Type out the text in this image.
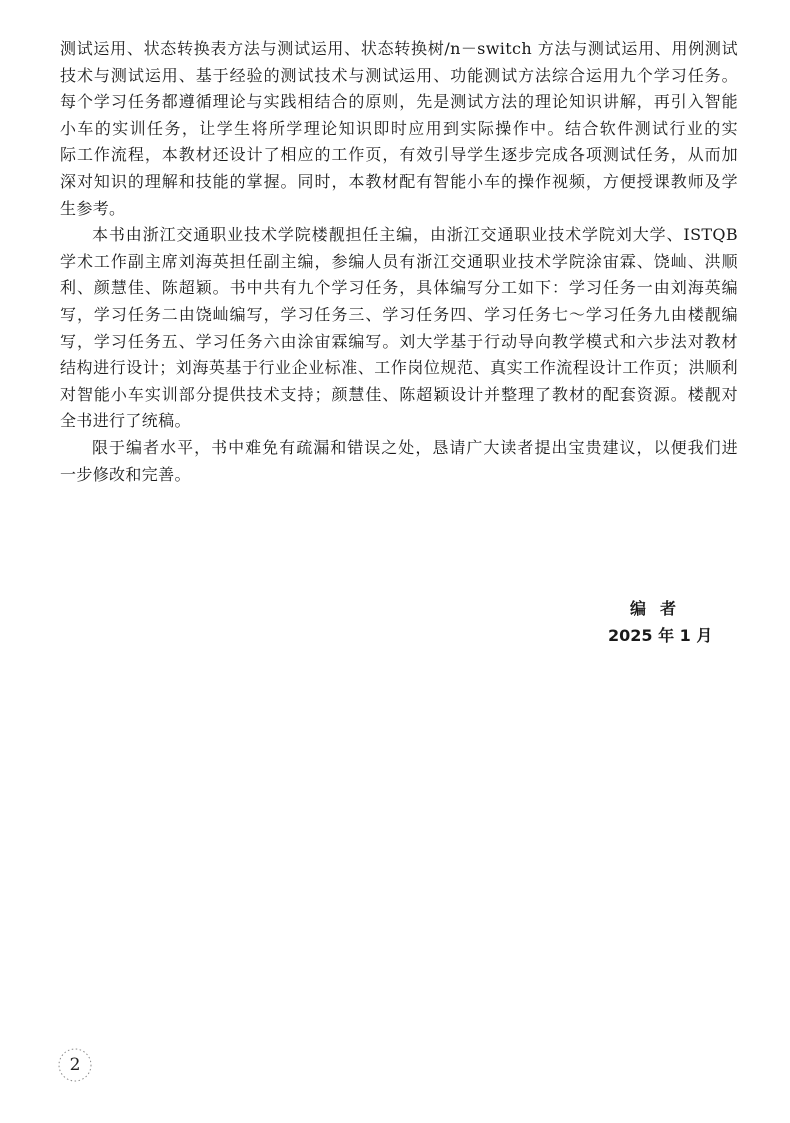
测试运用、状态转换表方法与测试运用、状态转换树/n－switch 方法与测试运用、用例测试
技术与测试运用、基于经验的测试技术与测试运用、功能测试方法综合运用九个学习任务。
每个学习任务都遵循理论与实践相结合的原则，先是测试方法的理论知识讲解，再引入智能
小车的实训任务，让学生将所学理论知识即时应用到实际操作中。结合软件测试行业的实
际工作流程，本教材还设计了相应的工作页，有效引导学生逐步完成各项测试任务，从而加
深对知识的理解和技能的掌握。同时，本教材配有智能小车的操作视频，方便授课教师及学
生参考。
本书由浙江交通职业技术学院楼靓担任主编，由浙江交通职业技术学院刘大学、ISTQB
学术工作副主席刘海英担任副主编，参编人员有浙江交通职业技术学院涂宙霖、饶屾、洪顺
利、颜慧佳、陈超颖。书中共有九个学习任务，具体编写分工如下：学习任务一由刘海英编
写，学习任务二由饶屾编写，学习任务三、学习任务四、学习任务七～学习任务九由楼靓编
写，学习任务五、学习任务六由涂宙霖编写。刘大学基于行动导向教学模式和六步法对教材
结构进行设计；刘海英基于行业企业标准、工作岗位规范、真实工作流程设计工作页；洪顺利
对智能小车实训部分提供技术支持；颜慧佳、陈超颖设计并整理了教材的配套资源。楼靓对
全书进行了统稿。
限于编者水平，书中难免有疏漏和错误之处，恳请广大读者提出宝贵建议，以便我们进
一步修改和完善。
编者
2025 年 1 月
2
